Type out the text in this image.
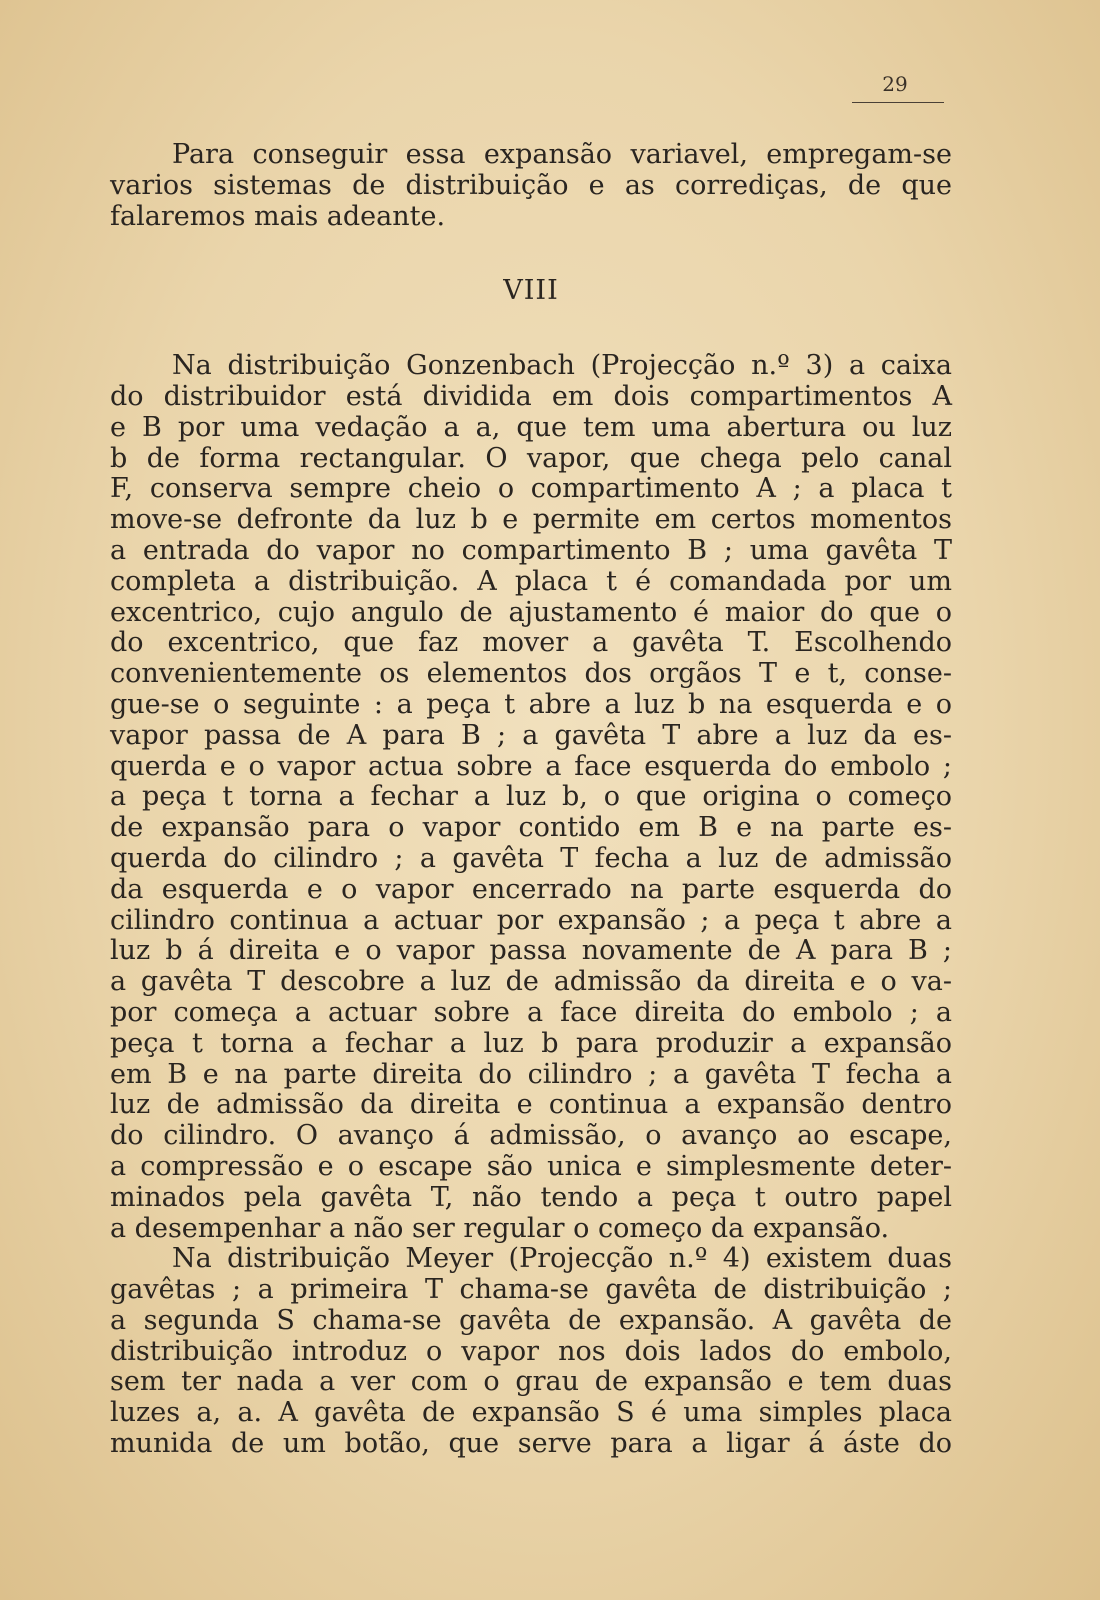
29
Para conseguir essa expansão variavel, empregam-se
varios sistemas de distribuição e as corrediças, de que
falaremos mais adeante.
VIII
Na distribuição Gonzenbach (Projecção n.º 3) a caixa
do distribuidor está dividida em dois compartimentos A
e B por uma vedação a a, que tem uma abertura ou luz
b de forma rectangular. O vapor, que chega pelo canal
F, conserva sempre cheio o compartimento A ; a placa t
move-se defronte da luz b e permite em certos momentos
a entrada do vapor no compartimento B ; uma gavêta T
completa a distribuição. A placa t é comandada por um
excentrico, cujo angulo de ajustamento é maior do que o
do excentrico, que faz mover a gavêta T. Escolhendo
convenientemente os elementos dos orgãos T e t, conse-
gue-se o seguinte : a peça t abre a luz b na esquerda e o
vapor passa de A para B ; a gavêta T abre a luz da es-
querda e o vapor actua sobre a face esquerda do embolo ;
a peça t torna a fechar a luz b, o que origina o começo
de expansão para o vapor contido em B e na parte es-
querda do cilindro ; a gavêta T fecha a luz de admissão
da esquerda e o vapor encerrado na parte esquerda do
cilindro continua a actuar por expansão ; a peça t abre a
luz b á direita e o vapor passa novamente de A para B ;
a gavêta T descobre a luz de admissão da direita e o va-
por começa a actuar sobre a face direita do embolo ; a
peça t torna a fechar a luz b para produzir a expansão
em B e na parte direita do cilindro ; a gavêta T fecha a
luz de admissão da direita e continua a expansão dentro
do cilindro. O avanço á admissão, o avanço ao escape,
a compressão e o escape são unica e simplesmente deter-
minados pela gavêta T, não tendo a peça t outro papel
a desempenhar a não ser regular o começo da expansão.
Na distribuição Meyer (Projecção n.º 4) existem duas
gavêtas ; a primeira T chama-se gavêta de distribuição ;
a segunda S chama-se gavêta de expansão. A gavêta de
distribuição introduz o vapor nos dois lados do embolo,
sem ter nada a ver com o grau de expansão e tem duas
luzes a, a. A gavêta de expansão S é uma simples placa
munida de um botão, que serve para a ligar á áste do
